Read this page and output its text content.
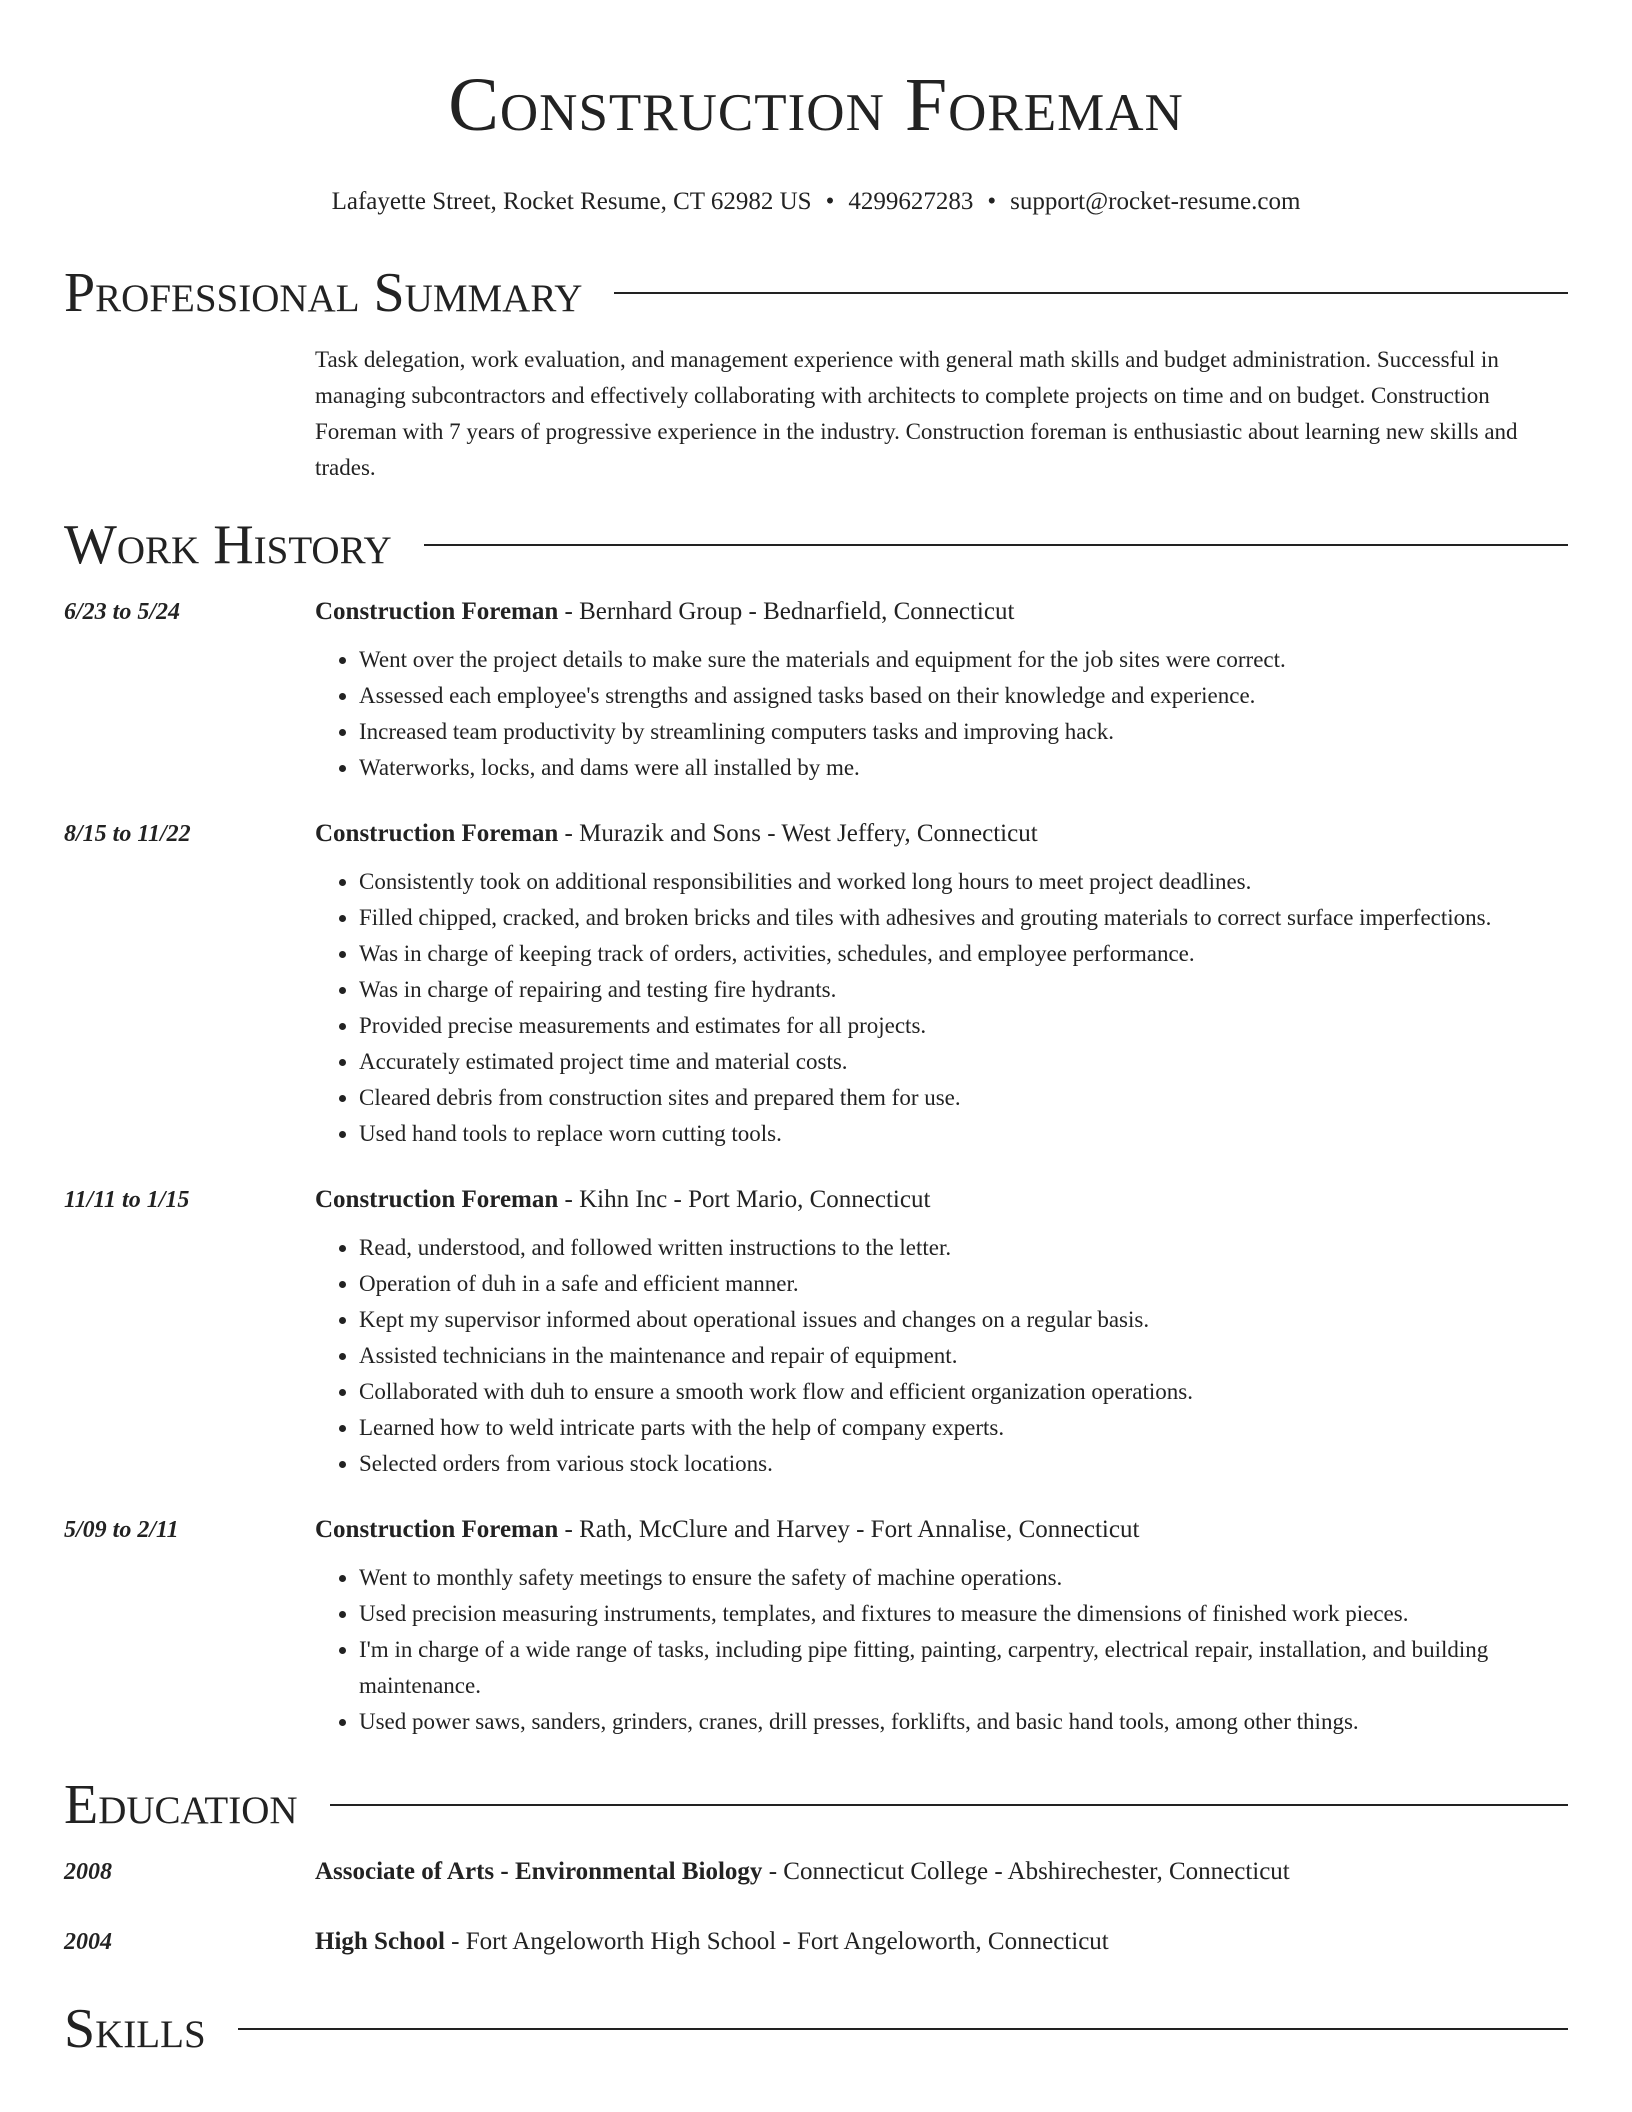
Construction Foreman
Lafayette Street, Rocket Resume, CT 62982 US • 4299627283 • support@rocket-resume.com
Professional Summary
Task delegation, work evaluation, and management experience with general math skills and budget administration. Successful in managing subcontractors and effectively collaborating with architects to complete projects on time and on budget. Construction Foreman with 7 years of progressive experience in the industry. Construction foreman is enthusiastic about learning new skills and trades.
Work History
6/23 to 5/24	Construction Foreman - Bernhard Group - Bednarfield, Connecticut
• Went over the project details to make sure the materials and equipment for the job sites were correct.
• Assessed each employee's strengths and assigned tasks based on their knowledge and experience.
• Increased team productivity by streamlining computers tasks and improving hack.
• Waterworks, locks, and dams were all installed by me.
8/15 to 11/22	Construction Foreman - Murazik and Sons - West Jeffery, Connecticut
• Consistently took on additional responsibilities and worked long hours to meet project deadlines.
• Filled chipped, cracked, and broken bricks and tiles with adhesives and grouting materials to correct surface imperfections.
• Was in charge of keeping track of orders, activities, schedules, and employee performance.
• Was in charge of repairing and testing fire hydrants.
• Provided precise measurements and estimates for all projects.
• Accurately estimated project time and material costs.
• Cleared debris from construction sites and prepared them for use.
• Used hand tools to replace worn cutting tools.
11/11 to 1/15	Construction Foreman - Kihn Inc - Port Mario, Connecticut
• Read, understood, and followed written instructions to the letter.
• Operation of duh in a safe and efficient manner.
• Kept my supervisor informed about operational issues and changes on a regular basis.
• Assisted technicians in the maintenance and repair of equipment.
• Collaborated with duh to ensure a smooth work flow and efficient organization operations.
• Learned how to weld intricate parts with the help of company experts.
• Selected orders from various stock locations.
5/09 to 2/11	Construction Foreman - Rath, McClure and Harvey - Fort Annalise, Connecticut
• Went to monthly safety meetings to ensure the safety of machine operations.
• Used precision measuring instruments, templates, and fixtures to measure the dimensions of finished work pieces.
• I'm in charge of a wide range of tasks, including pipe fitting, painting, carpentry, electrical repair, installation, and building maintenance.
• Used power saws, sanders, grinders, cranes, drill presses, forklifts, and basic hand tools, among other things.
Education
2008	Associate of Arts - Environmental Biology - Connecticut College - Abshirechester, Connecticut
2004	High School - Fort Angeloworth High School - Fort Angeloworth, Connecticut
Skills
